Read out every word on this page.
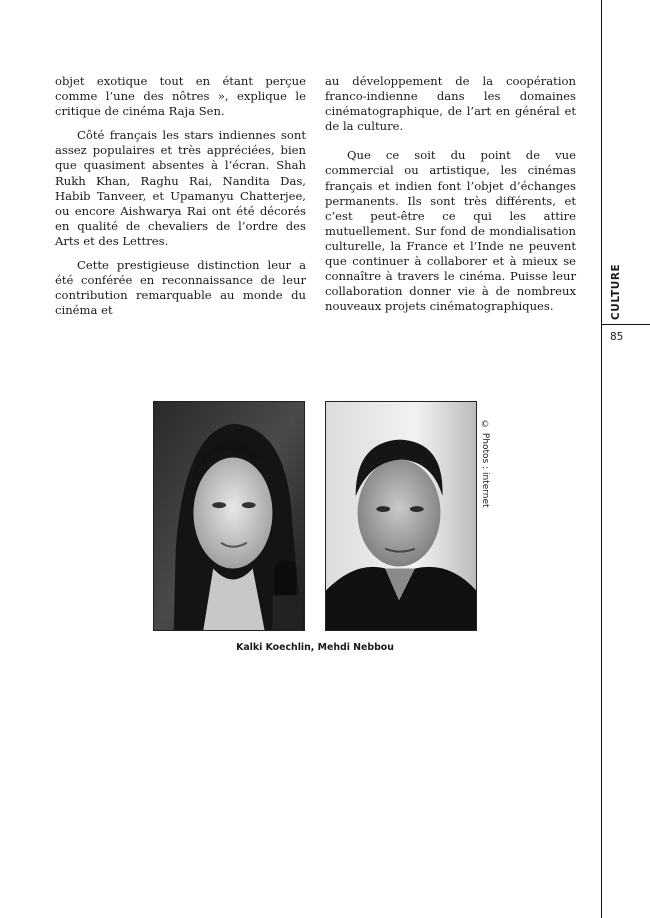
objet exotique tout en étant perçue comme l’une des nôtres », explique le critique de cinéma Raja Sen.

Côté français les stars indiennes sont assez populaires et très appréciées, bien que quasiment absentes à l’écran. Shah Rukh Khan, Raghu Rai, Nandita Das, Habib Tanveer, et Upamanyu Chatterjee, ou encore Aishwarya Rai ont été décorés en qualité de chevaliers de l’ordre des Arts et des Lettres.

Cette prestigieuse distinction leur a été conférée en reconnaissance de leur contribution remarquable au monde du cinéma et

au développement de la coopération franco-indienne dans les domaines cinématographique, de l’art en général et de la culture.

Que ce soit du point de vue commercial ou artistique, les cinémas français et indien font l’objet d’échanges permanents. Ils sont très différents, et c’est peut-être ce qui les attire mutuellement. Sur fond de mondialisation culturelle, la France et l’Inde ne peuvent que continuer à collaborer et à mieux se connaître à travers le cinéma. Puisse leur collaboration donner vie à de nombreux nouveaux projets cinématographiques.	CULTURE
85
© Photos : internet
Kalki Koechlin, Mehdi Nebbou
